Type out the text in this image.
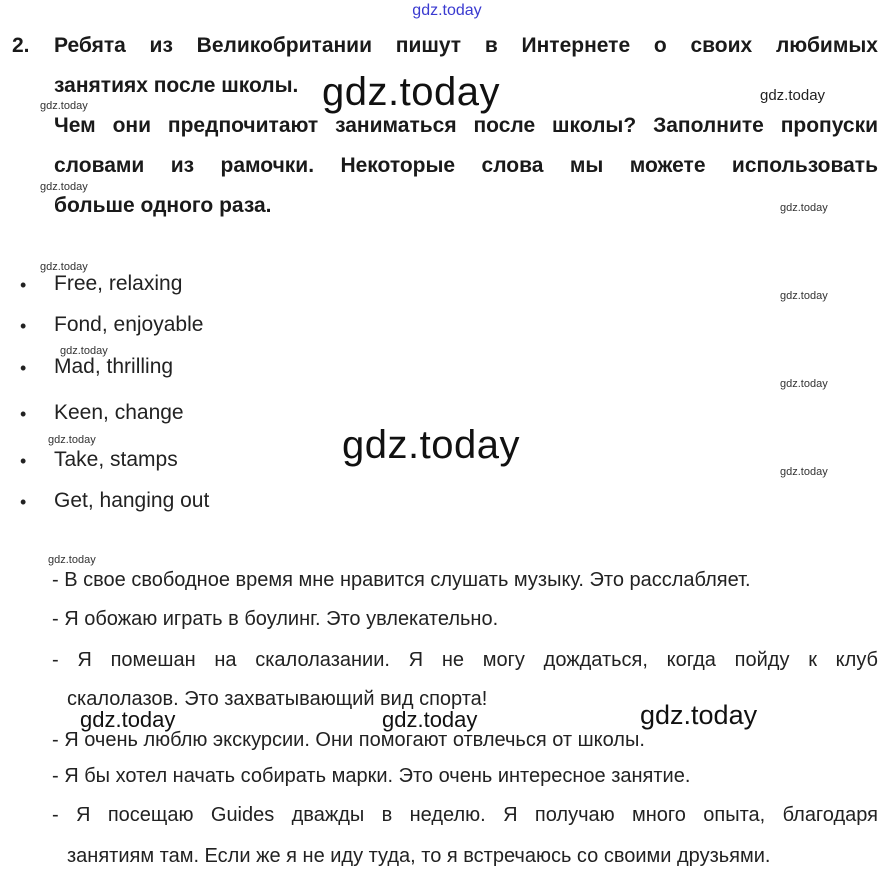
gdz.today
gdz.today
gdz.today
gdz.today
gdz.today
gdz.today
gdz.today
gdz.today
gdz.today
gdz.today
gdz.today
gdz.today
gdz.today
gdz.today
gdz.today	gdz.today	gdz.today
2. Ребята из Великобритании пишут в Интернете о своих любимых
занятиях после школы.
Чем они предпочитают заниматься после школы? Заполните пропуски
словами из рамочки. Некоторые слова мы можете использовать
больше одного раза.
• Free, relaxing
• Fond, enjoyable
• Mad, thrilling
• Keen, change
• Take, stamps
• Get, hanging out
- В свое свободное время мне нравится слушать музыку. Это расслабляет.
- Я обожаю играть в боулинг. Это увлекательно.
- Я помешан на скалолазании. Я не могу дождаться, когда пойду к клуб
скалолазов. Это захватывающий вид спорта!
- Я очень люблю экскурсии. Они помогают отвлечься от школы.
- Я бы хотел начать собирать марки. Это очень интересное занятие.
- Я посещаю Guides дважды в неделю. Я получаю много опыта, благодаря
занятиям там. Если же я не иду туда, то я встречаюсь со своими друзьями.
